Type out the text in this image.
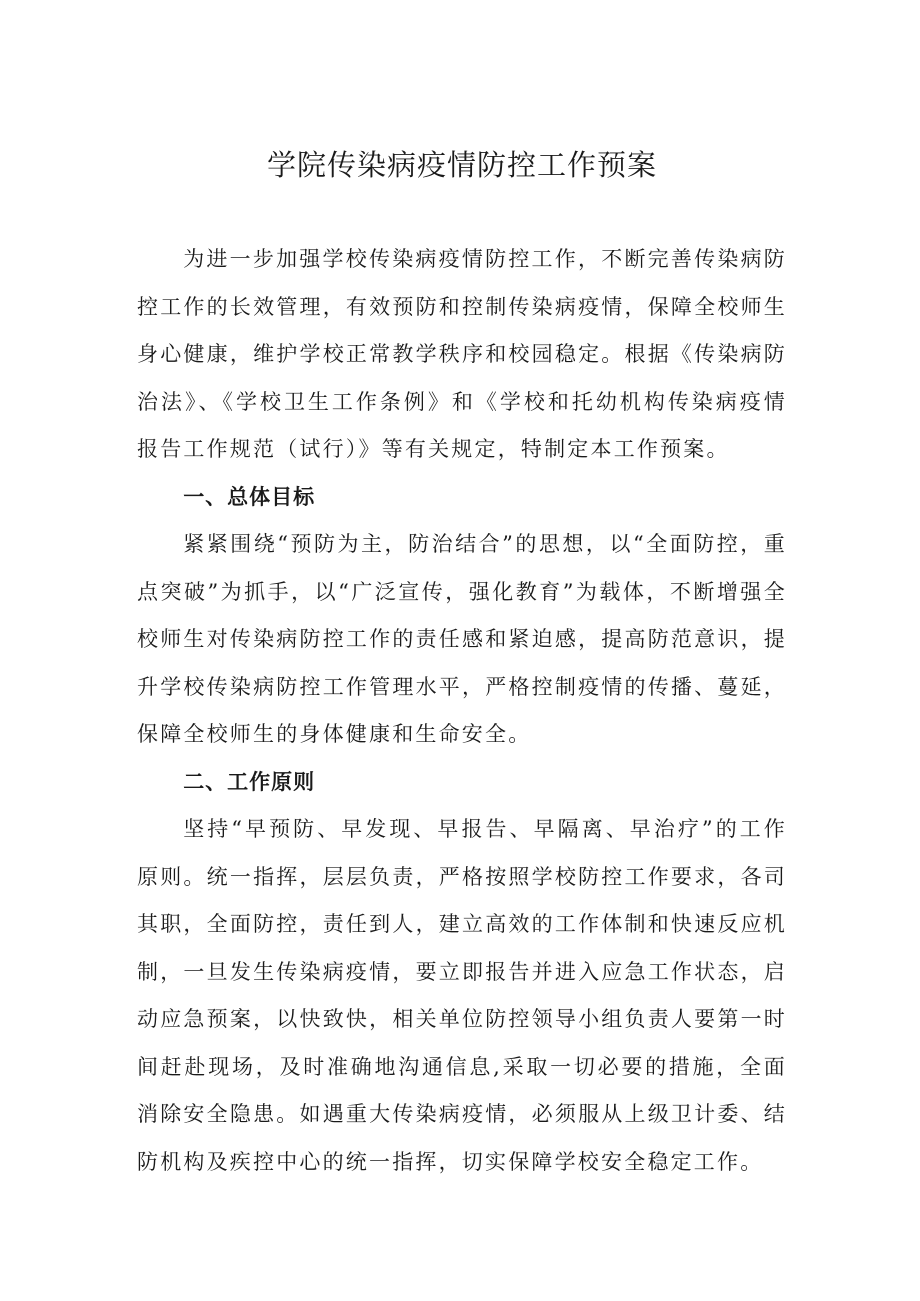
学院传染病疫情防控工作预案

为进一步加强学校传染病疫情防控工作，不断完善传染病防控工作的长效管理，有效预防和控制传染病疫情，保障全校师生身心健康，维护学校正常教学秩序和校园稳定。根据《传染病防治法》、《学校卫生工作条例》和《学校和托幼机构传染病疫情报告工作规范（试行）》等有关规定，特制定本工作预案。

一、总体目标

紧紧围绕“预防为主，防治结合”的思想，以“全面防控，重点突破”为抓手，以“广泛宣传，强化教育”为载体，不断增强全校师生对传染病防控工作的责任感和紧迫感，提高防范意识，提升学校传染病防控工作管理水平，严格控制疫情的传播、蔓延，保障全校师生的身体健康和生命安全。

二、工作原则

坚持“早预防、早发现、早报告、早隔离、早治疗”的工作原则。统一指挥，层层负责，严格按照学校防控工作要求，各司其职，全面防控，责任到人，建立高效的工作体制和快速反应机制，一旦发生传染病疫情，要立即报告并进入应急工作状态，启动应急预案，以快致快，相关单位防控领导小组负责人要第一时间赶赴现场，及时准确地沟通信息,采取一切必要的措施，全面消除安全隐患。如遇重大传染病疫情，必须服从上级卫计委、结防机构及疾控中心的统一指挥，切实保障学校安全稳定工作。
